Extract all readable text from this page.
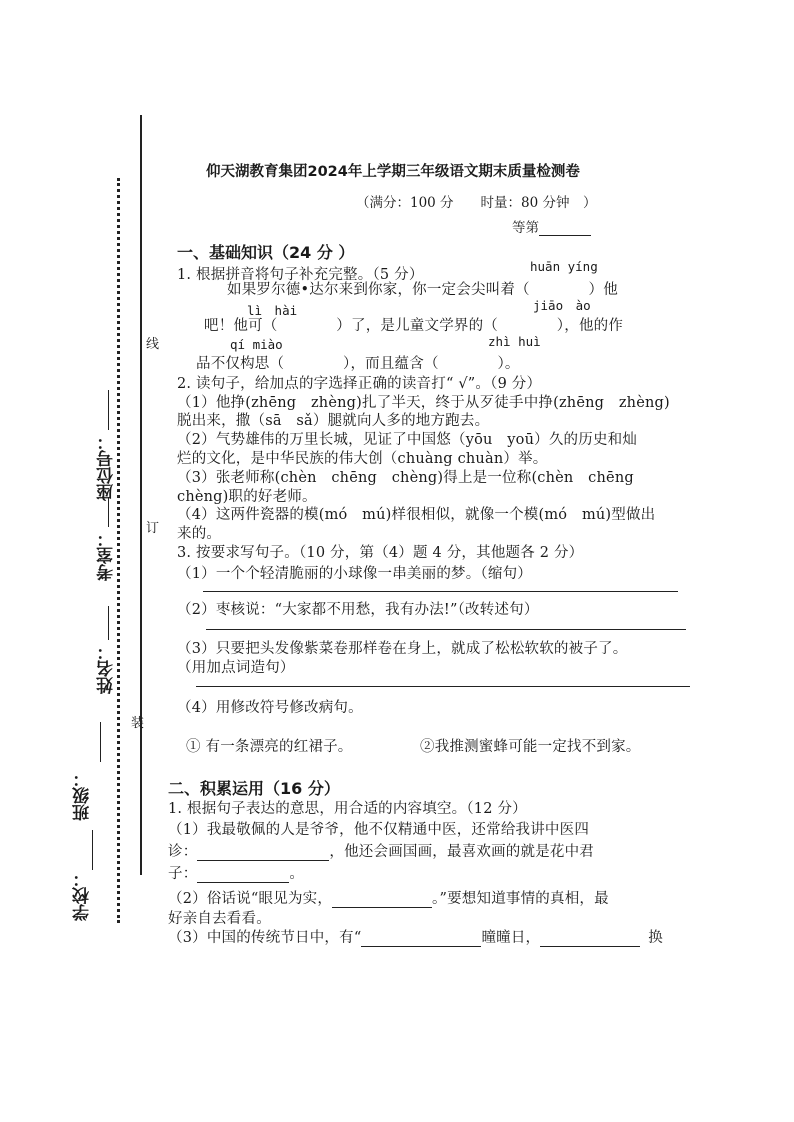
线
订
装
座位号：
考室：
姓名：
班级：
学校：
仰天湖教育集团2024年上学期三年级语文期末质量检测卷
（满分：100 分　　时量：80 分钟　）
等第
一、基础知识（24 分 ）
1. 根据拼音将句子补充完整。（5 分）
huān yíng
如果罗尔德•达尔来到你家，你一定会尖叫着（　　　　）他
lì　hài	jiāo　ào
吧！他可（　　　　）了，是儿童文学界的（　　　　），他的作
qí miào	zhì huì
品不仅构思（　　　　），而且蕴含（　　　　）。
2. 读句子，给加点的字选择正确的读音打“ √”。（9 分）
（1）他挣(zhēng　zhèng)扎了半天，终于从歹徒手中挣(zhēng　zhèng)
脱出来，撒（sā　sǎ）腿就向人多的地方跑去。
（2）气势雄伟的万里长城，见证了中国悠（yōu　yoū）久的历史和灿
烂的文化，是中华民族的伟大创（chuàng chuàn）举。
（3）张老师称(chèn　chēng　chèng)得上是一位称(chèn　chēng
chèng)职的好老师。
（4）这两件瓷器的模(mó　mú)样很相似，就像一个模(mó　mú)型做出
来的。
3. 按要求写句子。（10 分，第（4）题 4 分，其他题各 2 分）
（1）一个个轻清脆丽的小球像一串美丽的梦。（缩句）
（2）枣核说：“大家都不用愁，我有办法!”（改转述句）
（3）只要把头发像紫菜卷那样卷在身上，就成了松松软软的被子了。
（用加点词造句）
（4）用修改符号修改病句。
① 有一条漂亮的红裙子。	②我推测蜜蜂可能一定找不到家。
二、积累运用（16 分）
1. 根据句子表达的意思，用合适的内容填空。（12 分）
（1）我最敬佩的人是爷爷，他不仅精通中医，还常给我讲中医四
诊：	，他还会画国画，最喜欢画的就是花中君
子：	。
（2）俗话说“眼见为实，	。”要想知道事情的真相，最
好亲自去看看。
（3）中国的传统节日中，有“	曈曈日，	换
